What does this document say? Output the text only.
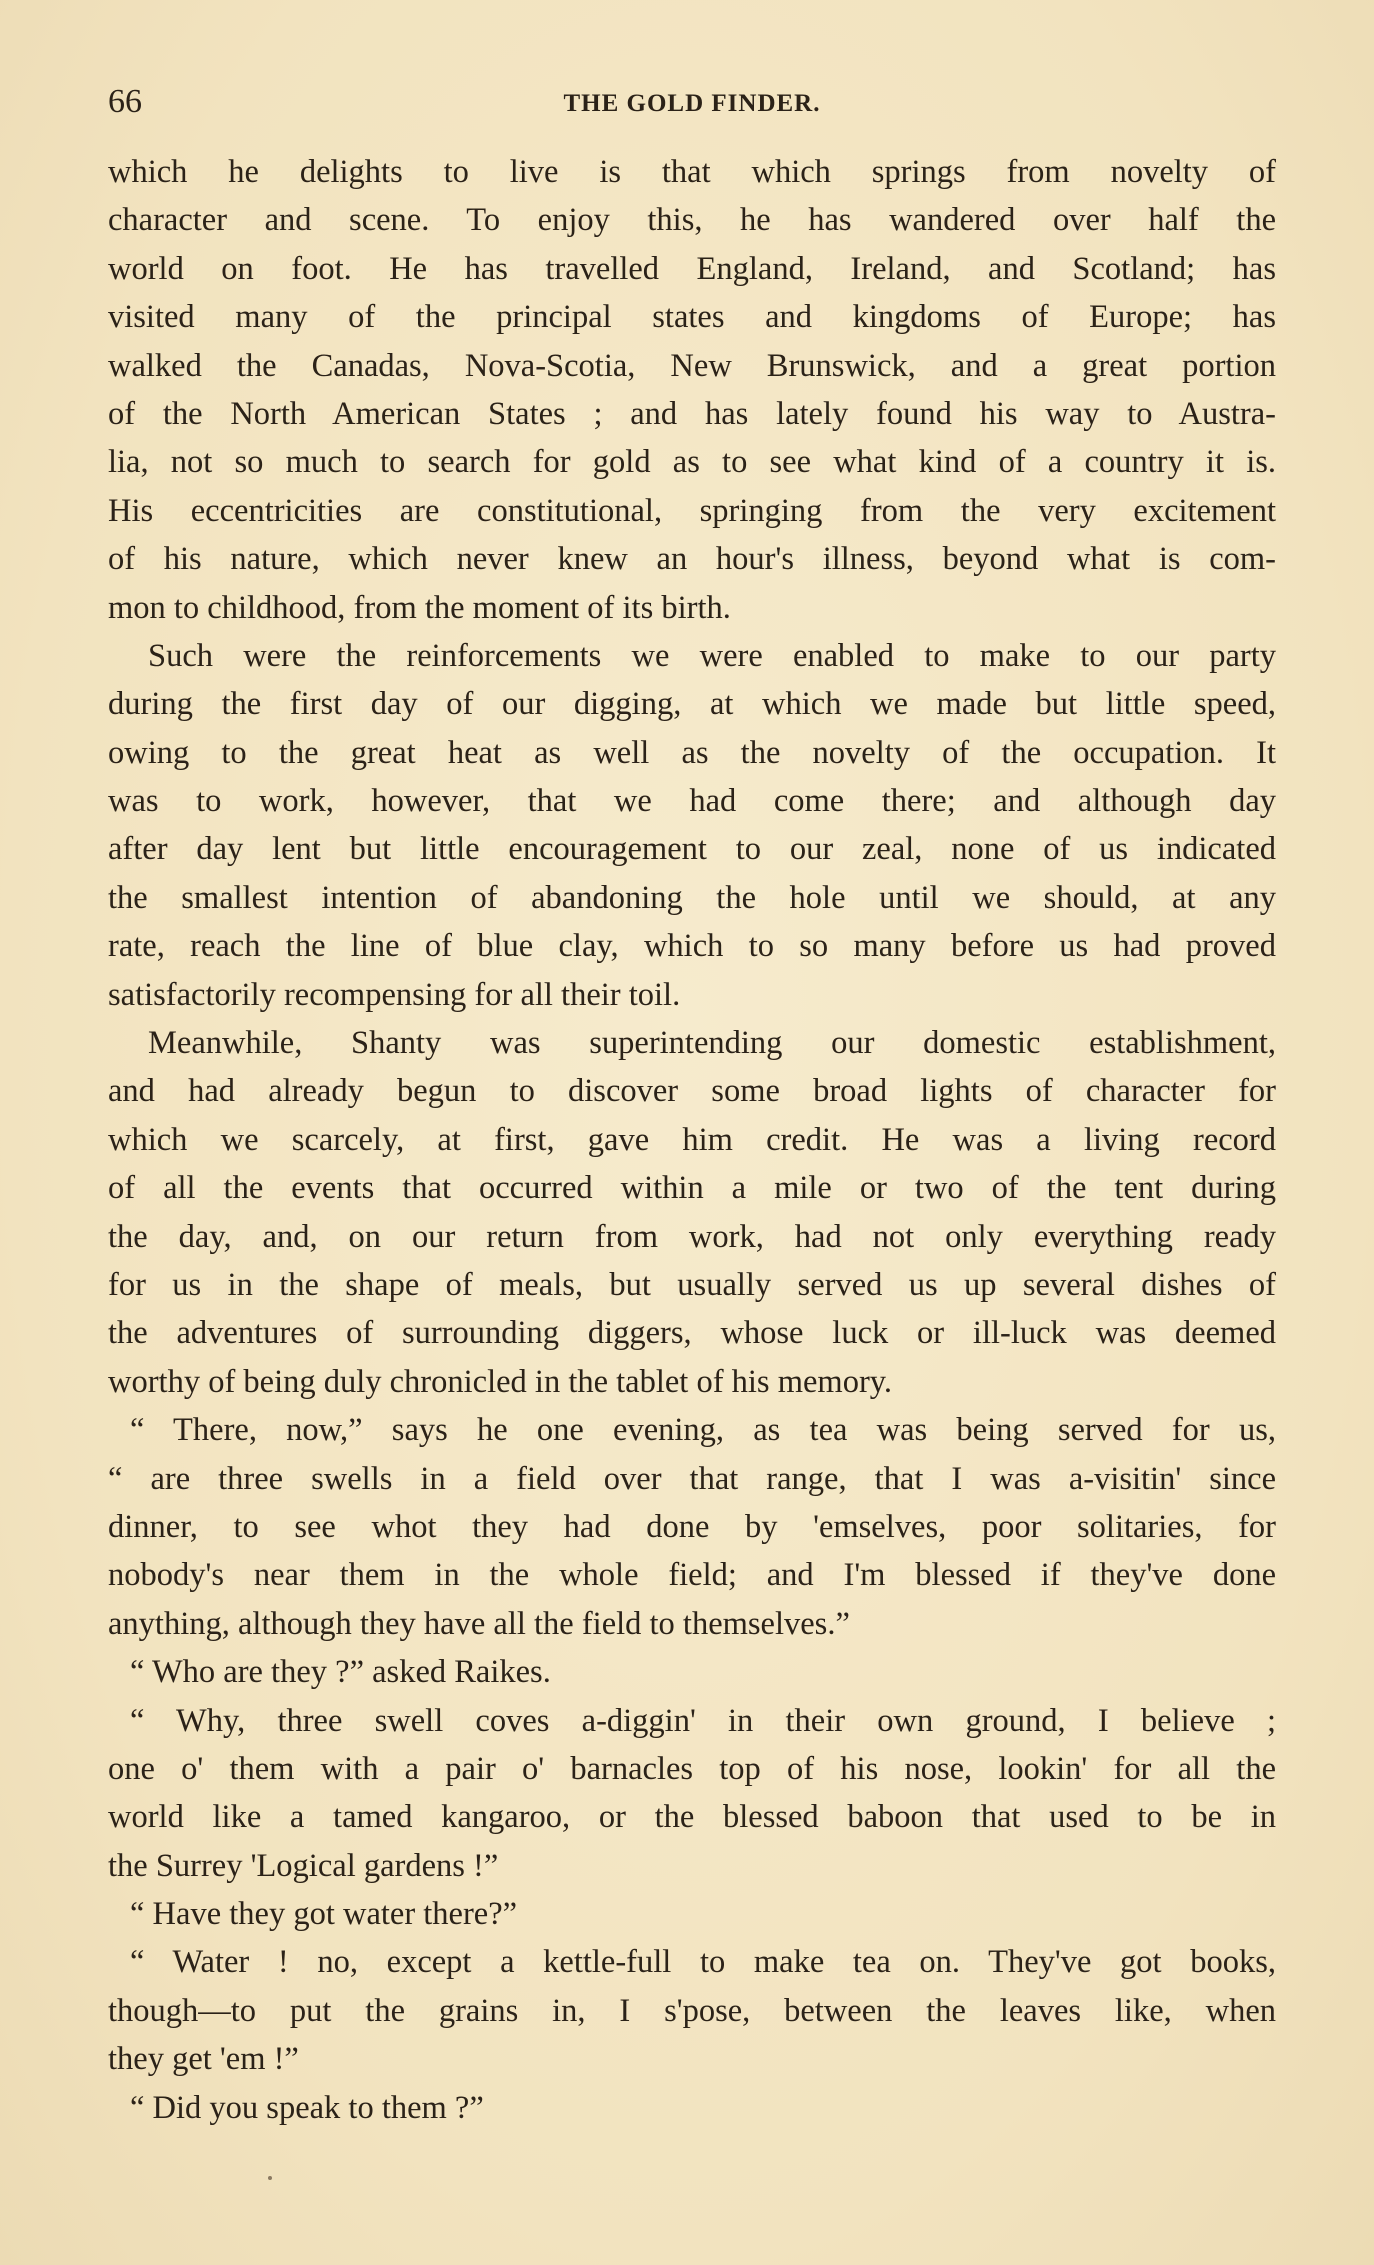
66	THE GOLD FINDER.
which he delights to live is that which springs from novelty of
character and scene. To enjoy this, he has wandered over half the
world on foot. He has travelled England, Ireland, and Scotland; has
visited many of the principal states and kingdoms of Europe; has
walked the Canadas, Nova-Scotia, New Brunswick, and a great portion
of the North American States ; and has lately found his way to Austra-
lia, not so much to search for gold as to see what kind of a country it is.
His eccentricities are constitutional, springing from the very excitement
of his nature, which never knew an hour's illness, beyond what is com-
mon to childhood, from the moment of its birth.
Such were the reinforcements we were enabled to make to our party
during the first day of our digging, at which we made but little speed,
owing to the great heat as well as the novelty of the occupation. It
was to work, however, that we had come there; and although day
after day lent but little encouragement to our zeal, none of us indicated
the smallest intention of abandoning the hole until we should, at any
rate, reach the line of blue clay, which to so many before us had proved
satisfactorily recompensing for all their toil.
Meanwhile, Shanty was superintending our domestic establishment,
and had already begun to discover some broad lights of character for
which we scarcely, at first, gave him credit. He was a living record
of all the events that occurred within a mile or two of the tent during
the day, and, on our return from work, had not only everything ready
for us in the shape of meals, but usually served us up several dishes of
the adventures of surrounding diggers, whose luck or ill-luck was deemed
worthy of being duly chronicled in the tablet of his memory.
“ There, now,” says he one evening, as tea was being served for us,
“ are three swells in a field over that range, that I was a-visitin' since
dinner, to see whot they had done by 'emselves, poor solitaries, for
nobody's near them in the whole field; and I'm blessed if they've done
anything, although they have all the field to themselves.”
“ Who are they ?” asked Raikes.
“ Why, three swell coves a-diggin' in their own ground, I believe ;
one o' them with a pair o' barnacles top of his nose, lookin' for all the
world like a tamed kangaroo, or the blessed baboon that used to be in
the Surrey 'Logical gardens !”
“ Have they got water there?”
“ Water ! no, except a kettle-full to make tea on. They've got books,
though—to put the grains in, I s'pose, between the leaves like, when
they get 'em !”
“ Did you speak to them ?”
